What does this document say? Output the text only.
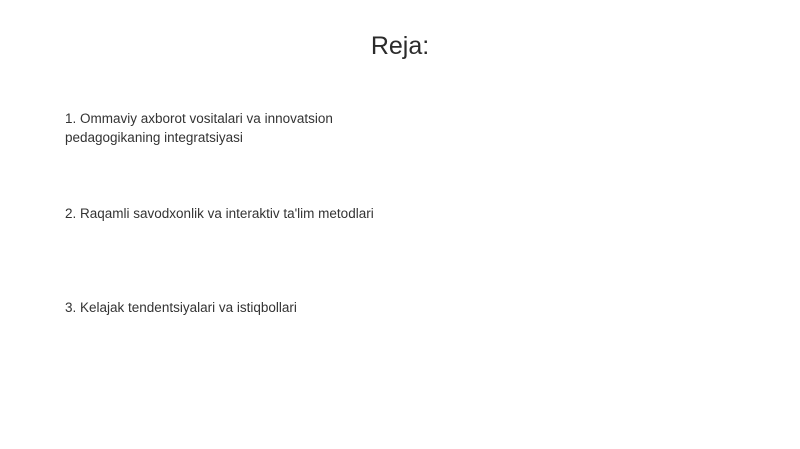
Reja:
1. Ommaviy axborot vositalari va innovatsion pedagogikaning integratsiyasi
2. Raqamli savodxonlik va interaktiv ta'lim metodlari
3. Kelajak tendentsiyalari va istiqbollari
